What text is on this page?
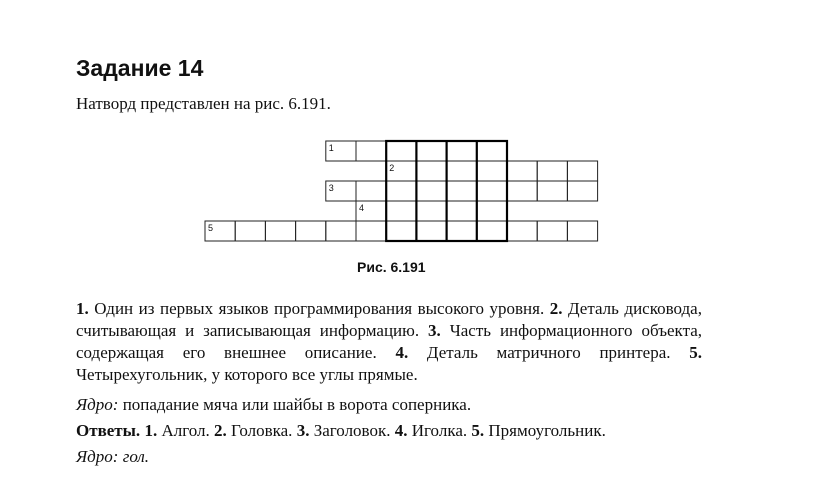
Задание 14
Натворд представлен на рис. 6.191.
1
2
3
4
5
Рис. 6.191
1. Один из первых языков программирования высокого уровня. 2. Деталь дисковода, считывающая и записывающая информацию. 3. Часть информационного объекта, содержащая его внешнее описание. 4. Деталь матричного принтера. 5. Четырехугольник, у которого все углы прямые.
Ядро: попадание мяча или шайбы в ворота соперника.
Ответы. 1. Алгол. 2. Головка. 3. Заголовок. 4. Иголка. 5. Прямоугольник.
Ядро: гол.
